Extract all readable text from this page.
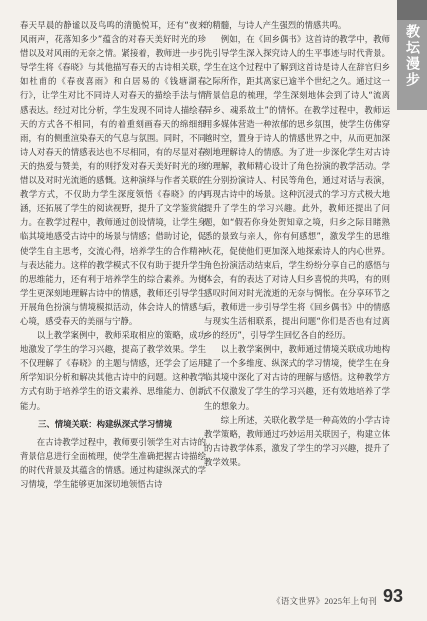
教坛漫步

春天早晨的静谧以及鸟鸣的清脆悦耳，还有“夜来风雨声，花落知多少”蕴含的对春天美好时光的珍惜以及对风雨的无奈之情。紧接着，教师进一步引导学生将《春晓》与其他描写春天的古诗相关联，如杜甫的《春夜喜雨》和白居易的《钱塘湖春行》，让学生对比不同诗人对春天的描绘手法与情感表达。经过对比分析，学生发现不同诗人描绘春天的方式各不相同，有的着重刻画春天的绵细细雨，有的侧重渲染春天的气息与氛围。同时，不同诗人对春天的情感表达也不尽相同，有的尽显对春天的热爱与赞美，有的则抒发对春天美好时光的珍惜以及对时光流逝的感慨。这种演绎与作者关联的教学方式，不仅助力学生深度领悟《春晓》的内涵，还拓展了学生的阅读视野，提升了文学鉴赏能力。在教学过程中，教师通过创设情境，让学生身临其境地感受古诗中的场景与情感；借助讨论，促使学生自主思考，交流心得，培养学生的合作精神与表达能力。这样的教学模式不仅有助于提升学生的思维能力，还有利于培养学生的综合素养。为使学生更深刻地理解古诗中的情感，教师还引导学生开展角色扮演与情境模拟活动，体会诗人的情感与心境，感受春天的美丽与宁静。

以上教学案例中，教师采取相应的策略，成功地激发了学生的学习兴趣，提高了教学效果。学生不仅理解了《春晓》的主题与情感，还学会了运用所学知识分析和解决其他古诗中的问题。这种教学方式有助于培养学生的语文素养、思维能力、创新能力。

三、情境关联：构建纵深式学习情境

在古诗教学过程中，教师要引领学生对古诗的背景信息进行全面梳理，使学生准确把握古诗描绘的时代背景及其蕴含的情感。通过构建纵深式的学习情境，学生能够更加深切地领悟古诗

的精髓，与诗人产生强烈的情感共鸣。

例如，在《回乡偶书》这首诗的教学中，教师先引导学生深入探究诗人的生平事迹与时代背景。学生在这个过程中了解到这首诗是诗人在辞官归乡之际所作，距其离家已逾半个世纪之久。通过这一背景信息的梳理，学生深刻地体会到了诗人“流离异乡、魂系故土”的情怀。在教学过程中，教师运用多媒体营造一种浓郁的思乡氛围，使学生仿佛穿越时空，置身于诗人的情感世界之中，从而更加深刻地理解诗人的情感。为了进一步深化学生对古诗的理解，教师精心设计了角色扮演的教学活动。学生分别扮演诗人、村民等角色，通过对话与表演，再现古诗中的场景。这种沉浸式的学习方式极大地提升了学生的学习兴趣。此外，教师还提出了问题，如“假若你身处贺知章之境，归乡之际目睹熟悉的景致与亲人，你有何感想”，激发学生的思维火花，促使他们更加深入地探索诗人的内心世界。角色扮演活动结束后，学生纷纷分享自己的感悟与体会，有的表达了对诗人归乡喜悦的共鸣，有的则感叹时间对时光流逝的无奈与惆怅。在分享环节之后，教师进一步引导学生将《回乡偶书》中的情感与现实生活相联系，提出问题“你们是否也有过离乡的经历”，引导学生回忆各自的经历。

以上教学案例中，教师通过情境关联成功地构建了一个多维度、纵深式的学习情境，使学生在身临其境中深化了对古诗的理解与感悟。这种教学方式不仅激发了学生的学习兴趣，还有效地培养了学生的想象力。

综上所述，关联化教学是一种高效的小学古诗教学策略，教师通过巧妙运用关联因子，构建立体的古诗教学体系，激发了学生的学习兴趣，提升了教学效果。

《语文世界》2025年上旬刊 93
